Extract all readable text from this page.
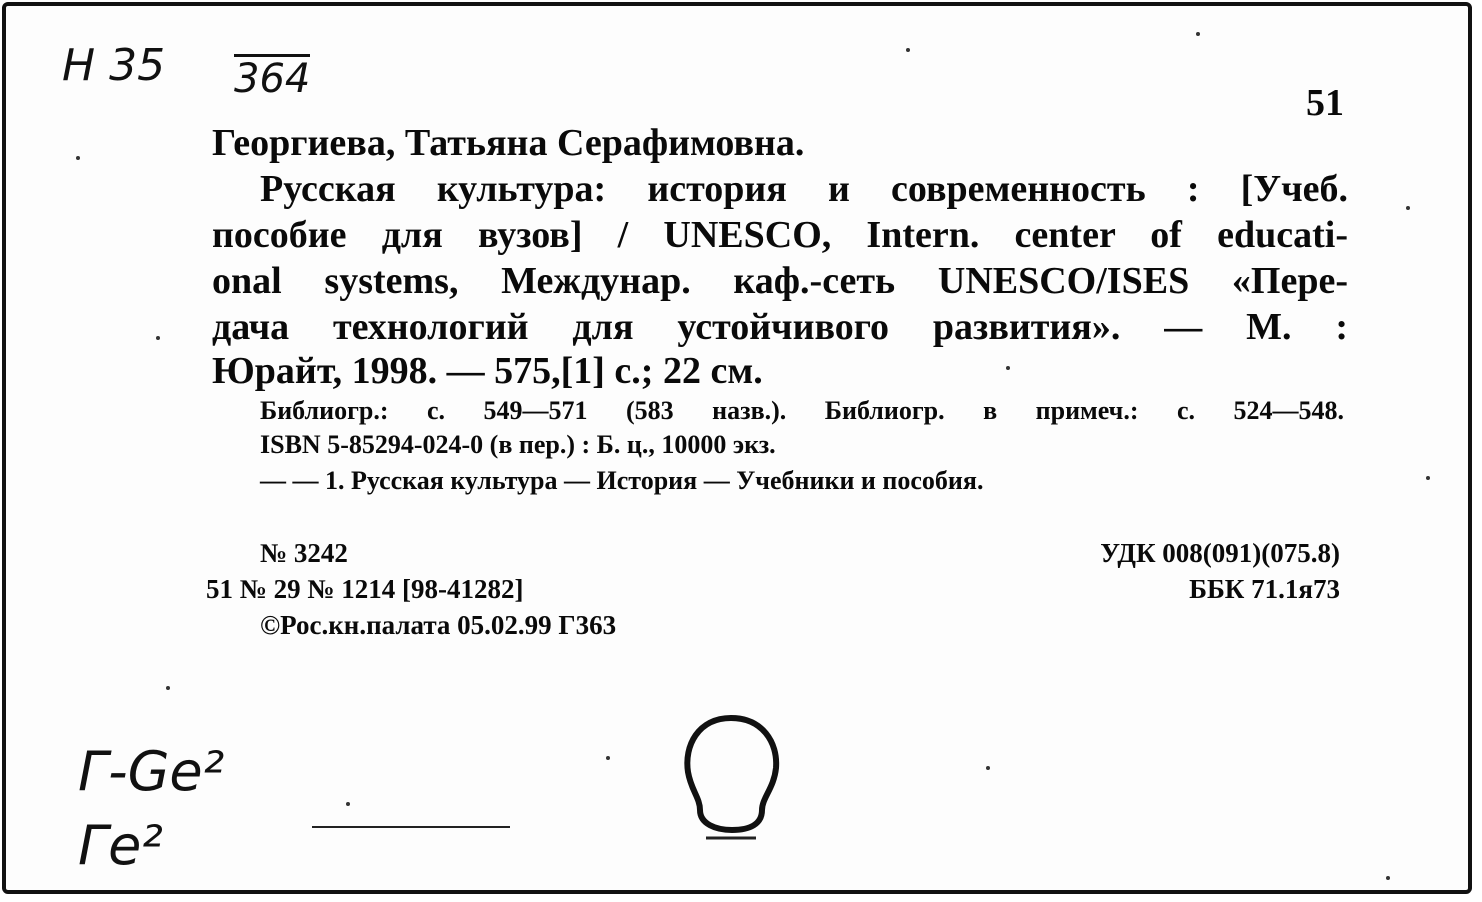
Н 35 364
51
Георгиева, Татьяна Серафимовна.
Русская культура: история и современность : [Учеб.
пособие для вузов] / UNESCO, Intern. center of educati-
onal systems, Междунар. каф.-сеть UNESCO/ISES «Пере-
дача технологий для устойчивого развития». — М. :
Юрайт, 1998. — 575,[1] с.; 22 см.
Библиогр.: с. 549—571 (583 назв.). Библиогр. в примеч.: с. 524—548.
ISBN 5-85294-024-0 (в пер.) : Б. ц., 10000 экз.
— — 1. Русская культура — История — Учебники и пособия.
№ 3242
51 № 29 № 1214 [98-41282]
©Рос.кн.палата 05.02.99 Г363
УДК 008(091)(075.8)
ББК 71.1я73
Г-Ge²
Ге²
